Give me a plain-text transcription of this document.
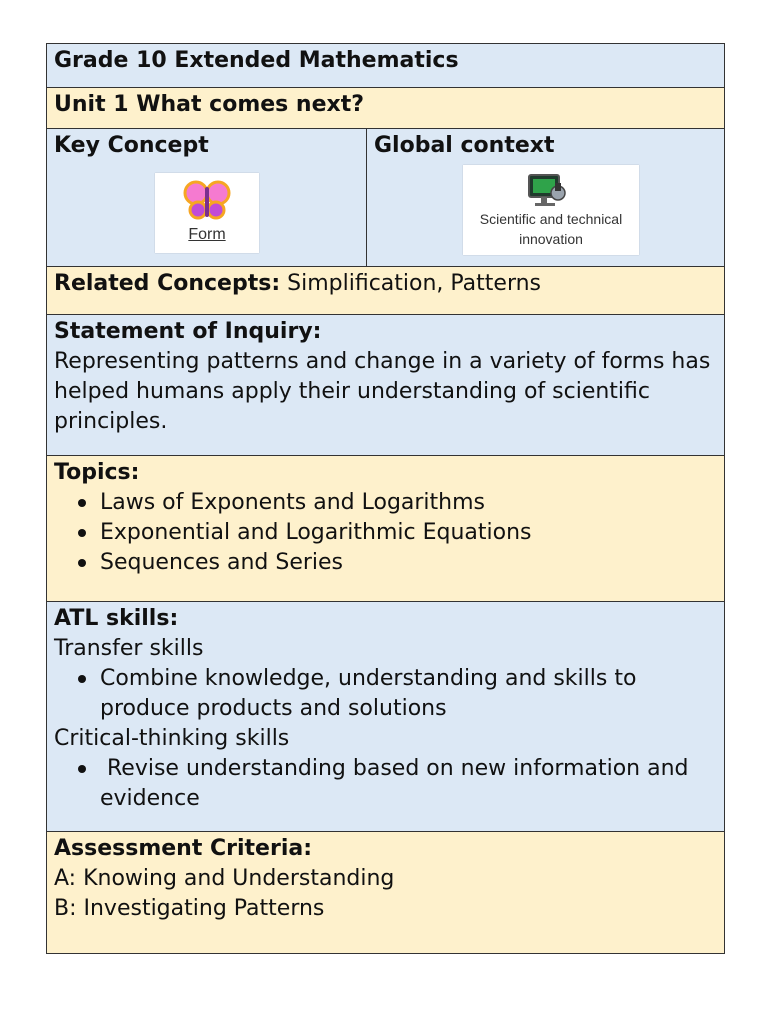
Grade 10 Extended Mathematics
Unit 1 What comes next?

Key Concept
Form

Global context
Scientific and technical innovation

Related Concepts: Simplification, Patterns

Statement of Inquiry:
Representing patterns and change in a variety of forms has helped humans apply their understanding of scientific principles.

Topics:
Laws of Exponents and Logarithms
Exponential and Logarithmic Equations
Sequences and Series

ATL skills:
Transfer skills
Combine knowledge, understanding and skills to produce products and solutions
Critical-thinking skills
Revise understanding based on new information and evidence

Assessment Criteria:
A: Knowing and Understanding
B: Investigating Patterns
